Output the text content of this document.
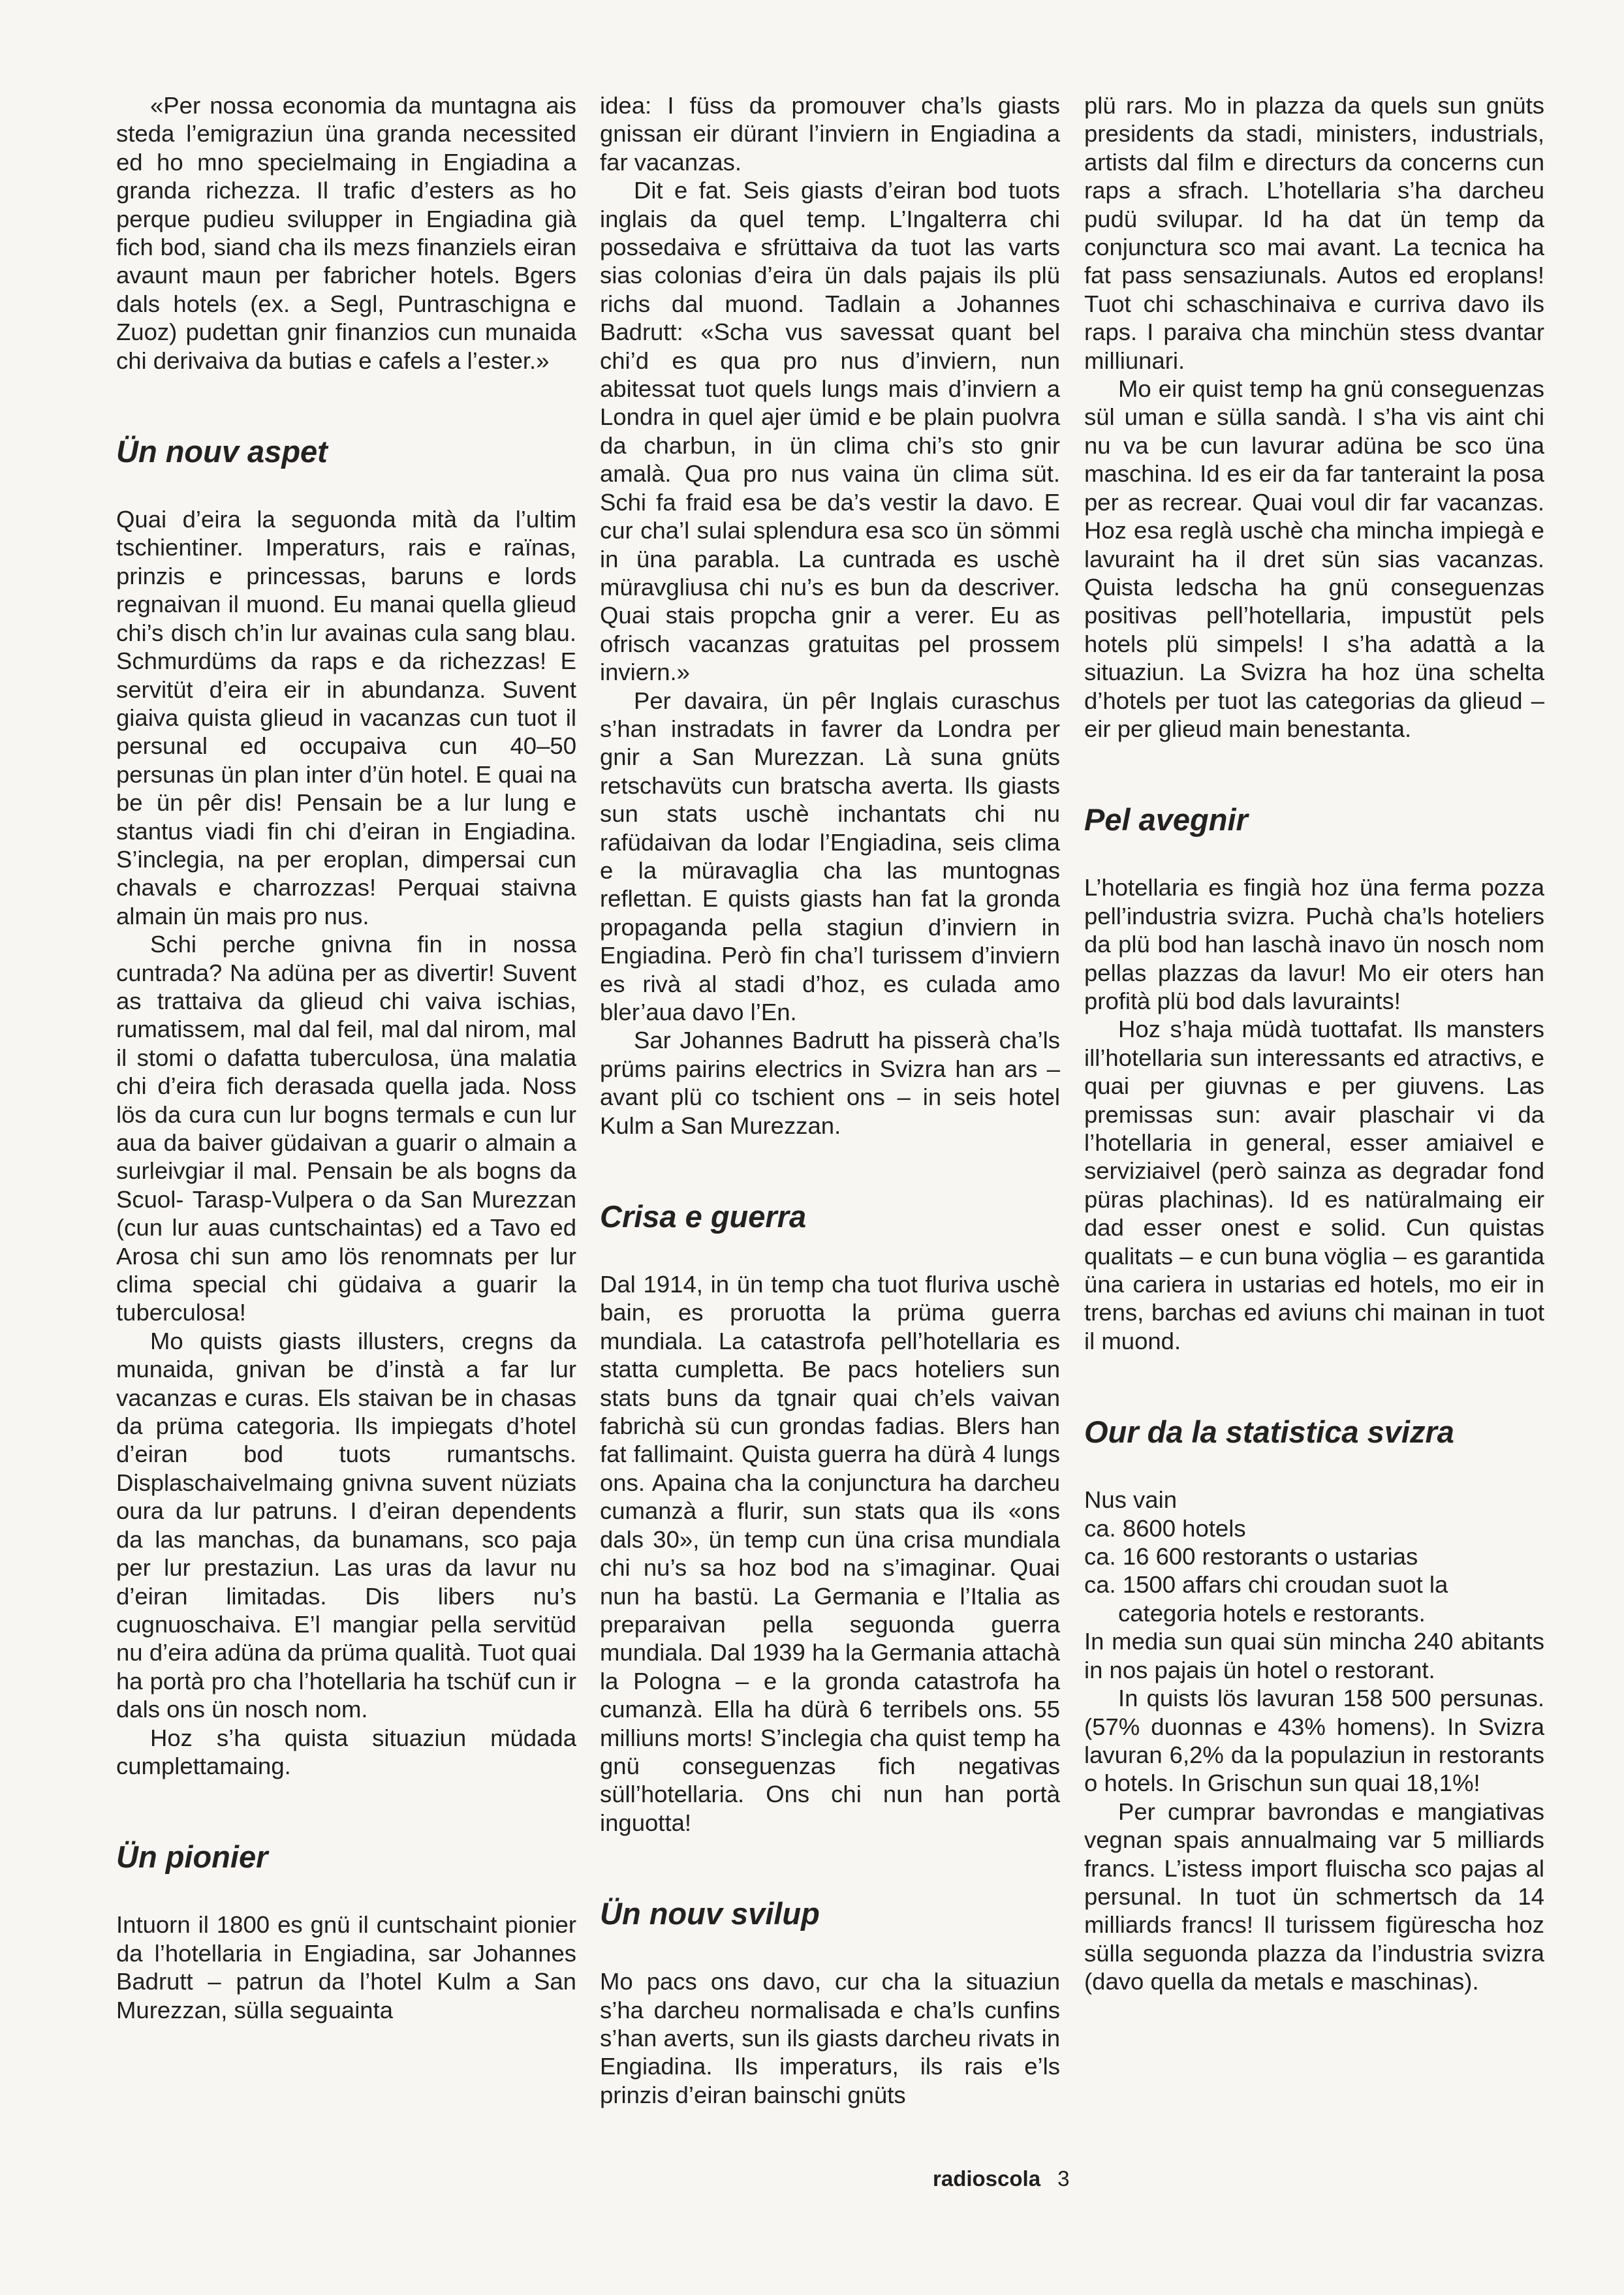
«Per nossa economia da muntagna ais steda l’emigraziun üna granda necessited ed ho mno specielmaing in Engiadina a granda richezza. Il trafic d’esters as ho perque pudieu svilupper in Engiadina già fich bod, siand cha ils mezs finanziels eiran avaunt maun per fabricher hotels. Bgers dals hotels (ex. a Segl, Puntraschigna e Zuoz) pudettan gnir finanzios cun munaida chi derivaiva da butias e cafels a l’ester.»

Ün nouv aspet

Quai d’eira la seguonda mità da l’ultim tschientiner. Imperaturs, rais e raïnas, prinzis e princessas, baruns e lords regnaivan il muond. Eu manai quella glieud chi’s disch ch’in lur avainas cula sang blau. Schmurdüms da raps e da richezzas! E servitüt d’eira eir in abundanza. Suvent giaiva quista glieud in vacanzas cun tuot il persunal ed occupaiva cun 40–50 persunas ün plan inter d’ün hotel. E quai na be ün pêr dis! Pensain be a lur lung e stantus viadi fin chi d’eiran in Engiadina. S’inclegia, na per eroplan, dimpersai cun chavals e charrozzas! Perquai staivna almain ün mais pro nus.

Schi perche gnivna fin in nossa cuntrada? Na adüna per as divertir! Suvent as trattaiva da glieud chi vaiva ischias, rumatissem, mal dal feil, mal dal nirom, mal il stomi o dafatta tuberculosa, üna malatia chi d’eira fich derasada quella jada. Noss lös da cura cun lur bogns termals e cun lur aua da baiver güdaivan a guarir o almain a surleivgiar il mal. Pensain be als bogns da Scuol- Tarasp-Vulpera o da San Murezzan (cun lur auas cuntschaintas) ed a Tavo ed Arosa chi sun amo lös renomnats per lur clima special chi güdaiva a guarir la tuberculosa!

Mo quists giasts illusters, cregns da munaida, gnivan be d’instà a far lur vacanzas e curas. Els staivan be in chasas da prüma categoria. Ils impiegats d’hotel d’eiran bod tuots rumantschs. Displaschaivelmaing gnivna suvent nüziats oura da lur patruns. I d’eiran dependents da las manchas, da bunamans, sco paja per lur prestaziun. Las uras da lavur nu d’eiran limitadas. Dis libers nu’s cugnuoschaiva. E’l mangiar pella servitüd nu d’eira adüna da prüma qualità. Tuot quai ha portà pro cha l’hotellaria ha tschüf cun ir dals ons ün nosch nom.

Hoz s’ha quista situaziun müdada cumplettamaing.

Ün pionier

Intuorn il 1800 es gnü il cuntschaint pionier da l’hotellaria in Engiadina, sar Johannes Badrutt – patrun da l’hotel Kulm a San Murezzan, sülla seguainta

idea: I füss da promouver cha’ls giasts gnissan eir dürant l’inviern in Engiadina a far vacanzas.

Dit e fat. Seis giasts d’eiran bod tuots inglais da quel temp. L’Ingalterra chi possedaiva e sfrüttaiva da tuot las varts sias colonias d’eira ün dals pajais ils plü richs dal muond. Tadlain a Johannes Badrutt: «Scha vus savessat quant bel chi’d es qua pro nus d’inviern, nun abitessat tuot quels lungs mais d’inviern a Londra in quel ajer ümid e be plain puolvra da charbun, in ün clima chi’s sto gnir amalà. Qua pro nus vaina ün clima süt. Schi fa fraid esa be da’s vestir la davo. E cur cha’l sulai splendura esa sco ün sömmi in üna parabla. La cuntrada es uschè müravgliusa chi nu’s es bun da descriver. Quai stais propcha gnir a verer. Eu as ofrisch vacanzas gratuitas pel prossem inviern.»

Per davaira, ün pêr Inglais curaschus s’han instradats in favrer da Londra per gnir a San Murezzan. Là suna gnüts retschavüts cun bratscha averta. Ils giasts sun stats uschè inchantats chi nu rafüdaivan da lodar l’Engiadina, seis clima e la müravaglia cha las muntognas reflettan. E quists giasts han fat la gronda propaganda pella stagiun d’inviern in Engiadina. Però fin cha’l turissem d’inviern es rivà al stadi d’hoz, es culada amo bler’aua davo l’En.

Sar Johannes Badrutt ha pisserà cha’ls prüms pairins electrics in Svizra han ars – avant plü co tschient ons – in seis hotel Kulm a San Murezzan.

Crisa e guerra

Dal 1914, in ün temp cha tuot fluriva uschè bain, es proruotta la prüma guerra mundiala. La catastrofa pell’hotellaria es statta cumpletta. Be pacs hoteliers sun stats buns da tgnair quai ch’els vaivan fabrichà sü cun grondas fadias. Blers han fat fallimaint. Quista guerra ha dürà 4 lungs ons. Apaina cha la conjunctura ha darcheu cumanzà a flurir, sun stats qua ils «ons dals 30», ün temp cun üna crisa mundiala chi nu’s sa hoz bod na s’imaginar. Quai nun ha bastü. La Germania e l’Italia as preparaivan pella seguonda guerra mundiala. Dal 1939 ha la Germania attachà la Pologna – e la gronda catastrofa ha cumanzà. Ella ha dürà 6 terribels ons. 55 milliuns morts! S’inclegia cha quist temp ha gnü conseguenzas fich negativas süll’hotellaria. Ons chi nun han portà inguotta!

Ün nouv svilup

Mo pacs ons davo, cur cha la situaziun s’ha darcheu normalisada e cha’ls cunfins s’han averts, sun ils giasts darcheu rivats in Engiadina. Ils imperaturs, ils rais e’ls prinzis d’eiran bainschi gnüts

plü rars. Mo in plazza da quels sun gnüts presidents da stadi, ministers, industrials, artists dal film e directurs da concerns cun raps a sfrach. L’hotellaria s’ha darcheu pudü svilupar. Id ha dat ün temp da conjunctura sco mai avant. La tecnica ha fat pass sensaziunals. Autos ed eroplans! Tuot chi schaschinaiva e curriva davo ils raps. I paraiva cha minchün stess dvantar milliunari.

Mo eir quist temp ha gnü conseguenzas sül uman e sülla sandà. I s’ha vis aint chi nu va be cun lavurar adüna be sco üna maschina. Id es eir da far tanteraint la posa per as recrear. Quai voul dir far vacanzas. Hoz esa reglà uschè cha mincha impiegà e lavuraint ha il dret sün sias vacanzas. Quista ledscha ha gnü conseguenzas positivas pell’hotellaria, impustüt pels hotels plü simpels! I s’ha adattà a la situaziun. La Svizra ha hoz üna schelta d’hotels per tuot las categorias da glieud – eir per glieud main benestanta.

Pel avegnir

L’hotellaria es fingià hoz üna ferma pozza pell’industria svizra. Puchà cha’ls hoteliers da plü bod han laschà inavo ün nosch nom pellas plazzas da lavur! Mo eir oters han profità plü bod dals lavuraints!

Hoz s’haja müdà tuottafat. Ils mansters ill’hotellaria sun interessants ed atractivs, e quai per giuvnas e per giuvens. Las premissas sun: avair plaschair vi da l’hotellaria in general, esser amiaivel e serviziaivel (però sainza as degradar fond püras plachinas). Id es natüralmaing eir dad esser onest e solid. Cun quistas qualitats – e cun buna vöglia – es garantida üna cariera in ustarias ed hotels, mo eir in trens, barchas ed aviuns chi mainan in tuot il muond.

Our da la statistica svizra

Nus vain

ca. 8600 hotels

ca. 16 600 restorants o ustarias

ca. 1500 affars chi croudan suot la categoria hotels e restorants.

In media sun quai sün mincha 240 abitants in nos pajais ün hotel o restorant.

In quists lös lavuran 158 500 persunas. (57% duonnas e 43% homens). In Svizra lavuran 6,2% da la populaziun in restorants o hotels. In Grischun sun quai 18,1%!

Per cumprar bavrondas e mangiativas vegnan spais annualmaing var 5 milliards francs. L’istess import fluischa sco pajas al persunal. In tuot ün schmertsch da 14 milliards francs! Il turissem figürescha hoz sülla seguonda plazza da l’industria svizra (davo quella da metals e maschinas).

radioscola 3
